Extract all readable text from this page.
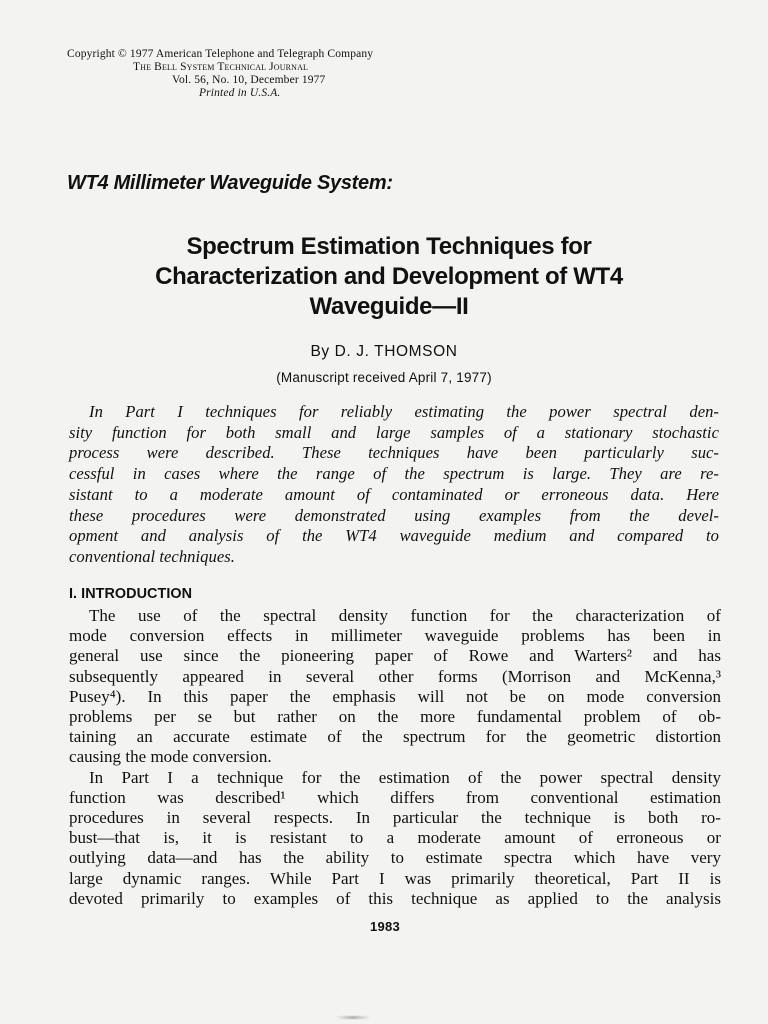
Copyright © 1977 American Telephone and Telegraph Company
The Bell System Technical Journal
Vol. 56, No. 10, December 1977
Printed in U.S.A.
WT4 Millimeter Waveguide System:
Spectrum Estimation Techniques for
Characterization and Development of WT4
Waveguide—II
By D. J. THOMSON
(Manuscript received April 7, 1977)
In Part I techniques for reliably estimating the power spectral den-
sity function for both small and large samples of a stationary stochastic
process were described. These techniques have been particularly suc-
cessful in cases where the range of the spectrum is large. They are re-
sistant to a moderate amount of contaminated or erroneous data. Here
these procedures were demonstrated using examples from the devel-
opment and analysis of the WT4 waveguide medium and compared to
conventional techniques.
I. INTRODUCTION
The use of the spectral density function for the characterization of
mode conversion effects in millimeter waveguide problems has been in
general use since the pioneering paper of Rowe and Warters² and has
subsequently appeared in several other forms (Morrison and McKenna,³
Pusey⁴). In this paper the emphasis will not be on mode conversion
problems per se but rather on the more fundamental problem of ob-
taining an accurate estimate of the spectrum for the geometric distortion
causing the mode conversion.
In Part I a technique for the estimation of the power spectral density
function was described¹ which differs from conventional estimation
procedures in several respects. In particular the technique is both ro-
bust—that is, it is resistant to a moderate amount of erroneous or
outlying data—and has the ability to estimate spectra which have very
large dynamic ranges. While Part I was primarily theoretical, Part II is
devoted primarily to examples of this technique as applied to the analysis
1983
